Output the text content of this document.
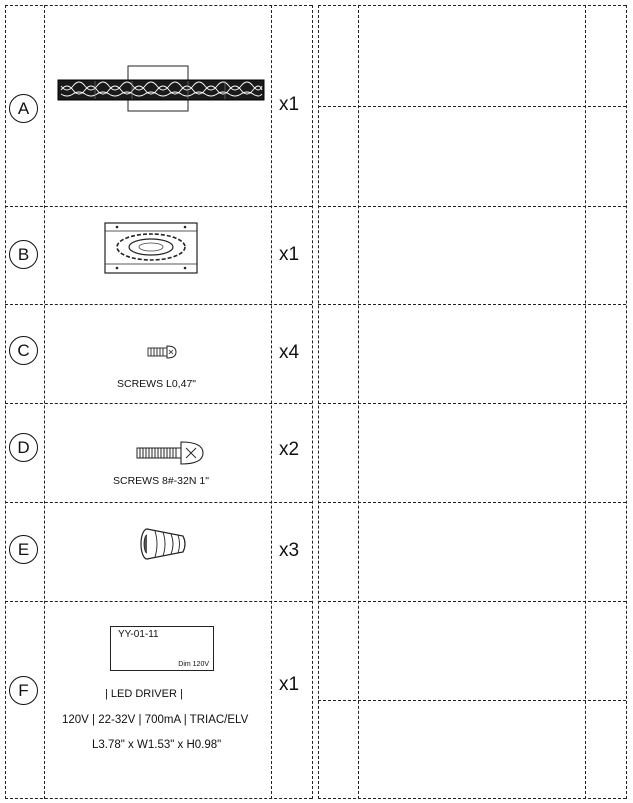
A	x1
B	x1
C	x4
SCREWS L0,47"
D	x2
SCREWS 8#-32N 1"
E	x3
F	x1
YY-01-11
Dim 120V
| LED DRIVER |
120V | 22-32V | 700mA | TRIAC/ELV
L3.78" x W1.53" x H0.98"
